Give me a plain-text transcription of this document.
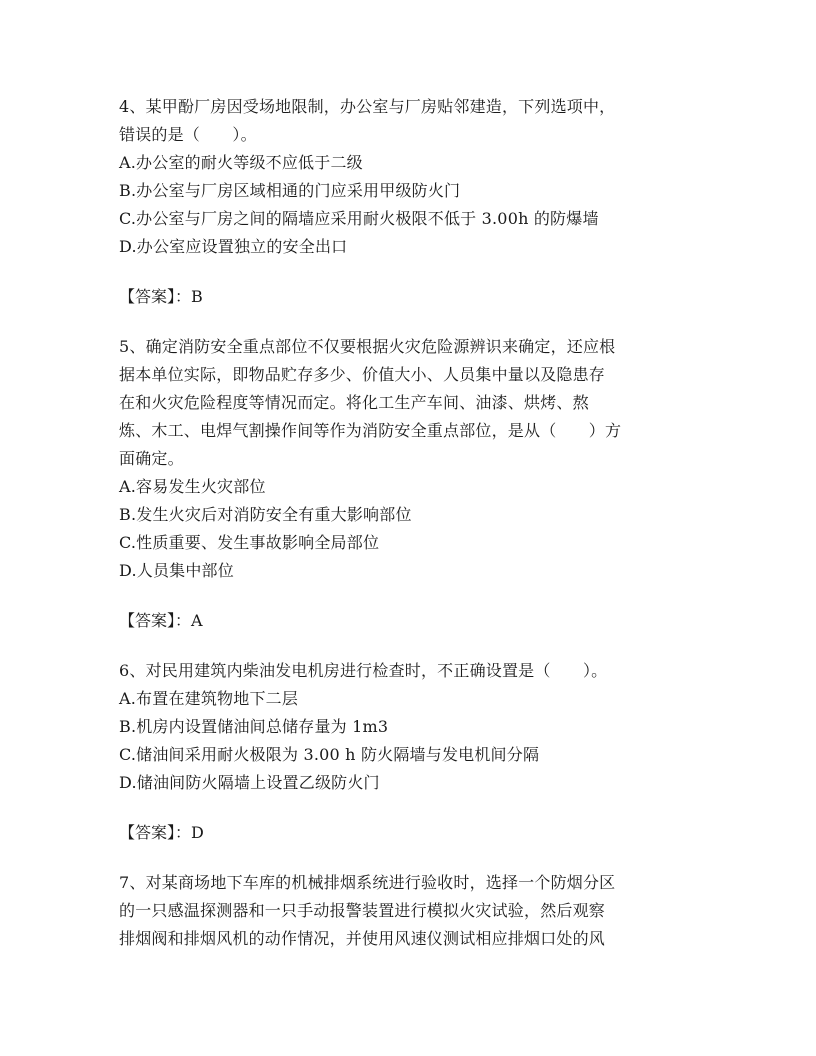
4、某甲酚厂房因受场地限制，办公室与厂房贴邻建造，下列选项中，
错误的是（　　）。
A.办公室的耐火等级不应低于二级
B.办公室与厂房区域相通的门应采用甲级防火门
C.办公室与厂房之间的隔墙应采用耐火极限不低于 3.00h 的防爆墙
D.办公室应设置独立的安全出口
【答案】：B
5、确定消防安全重点部位不仅要根据火灾危险源辨识来确定，还应根
据本单位实际，即物品贮存多少、价值大小、人员集中量以及隐患存
在和火灾危险程度等情况而定。将化工生产车间、油漆、烘烤、熬
炼、木工、电焊气割操作间等作为消防安全重点部位，是从（　　）方
面确定。
A.容易发生火灾部位
B.发生火灾后对消防安全有重大影响部位
C.性质重要、发生事故影响全局部位
D.人员集中部位
【答案】：A
6、对民用建筑内柴油发电机房进行检查时，不正确设置是（　　）。
A.布置在建筑物地下二层
B.机房内设置储油间总储存量为 1m3
C.储油间采用耐火极限为 3.00 h 防火隔墙与发电机间分隔
D.储油间防火隔墙上设置乙级防火门
【答案】：D
7、对某商场地下车库的机械排烟系统进行验收时，选择一个防烟分区
的一只感温探测器和一只手动报警装置进行模拟火灾试验，然后观察
排烟阀和排烟风机的动作情况，并使用风速仪测试相应排烟口处的风
